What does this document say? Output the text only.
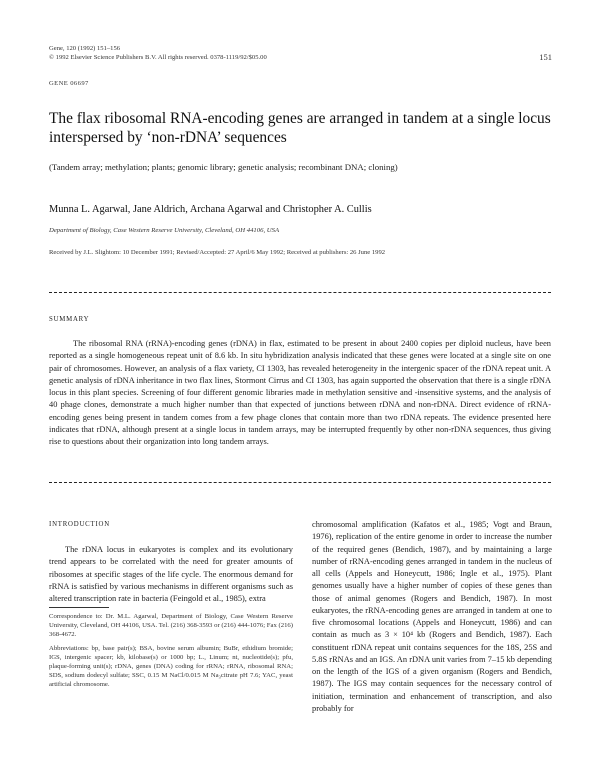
Gene, 120 (1992) 151–156
© 1992 Elsevier Science Publishers B.V. All rights reserved. 0378-1119/92/$05.00	151
GENE 06697
The flax ribosomal RNA-encoding genes are arranged in tandem at a single locus interspersed by ‘non-rDNA’ sequences
(Tandem array; methylation; plants; genomic library; genetic analysis; recombinant DNA; cloning)
Munna L. Agarwal, Jane Aldrich, Archana Agarwal and Christopher A. Cullis
Department of Biology, Case Western Reserve University, Cleveland, OH 44106, USA
Received by J.L. Slightom: 10 December 1991; Revised/Accepted: 27 April/6 May 1992; Received at publishers: 26 June 1992
SUMMARY

The ribosomal RNA (rRNA)-encoding genes (rDNA) in flax, estimated to be present in about 2400 copies per diploid nucleus, have been reported as a single homogeneous repeat unit of 8.6 kb. In situ hybridization analysis indicated that these genes were located at a single site on one pair of chromosomes. However, an analysis of a flax variety, CI 1303, has revealed heterogeneity in the intergenic spacer of the rDNA repeat unit. A genetic analysis of rDNA inheritance in two flax lines, Stormont Cirrus and CI 1303, has again supported the observation that there is a single rDNA locus in this plant species. Screening of four different genomic libraries made in methylation sensitive and -insensitive systems, and the analysis of 40 phage clones, demonstrate a much higher number than that expected of junctions between rDNA and non-rDNA. Direct evidence of rRNA-encoding genes being present in tandem comes from a few phage clones that contain more than two rDNA repeats. The evidence presented here indicates that rDNA, although present at a single locus in tandem arrays, may be interrupted frequently by other non-rDNA sequences, thus giving rise to questions about their organization into long tandem arrays.

INTRODUCTION

The rDNA locus in eukaryotes is complex and its evolutionary trend appears to be correlated with the need for greater amounts of ribosomes at specific stages of the life cycle. The enormous demand for rRNA is satisfied by various mechanisms in different organisms such as altered transcription rate in bacteria (Feingold et al., 1985), extra

Correspondence to: Dr. M.L. Agarwal, Department of Biology, Case Western Reserve University, Cleveland, OH 44106, USA. Tel. (216) 368-3593 or (216) 444-1076; Fax (216) 368-4672.

Abbreviations: bp, base pair(s); BSA, bovine serum albumin; BuBr, ethidium bromide; IGS, intergenic spacer; kb, kilobase(s) or 1000 bp; L., Linum; nt, nucleotide(s); pfu, plaque-forming unit(s); rDNA, genes (DNA) coding for rRNA; rRNA, ribosomal RNA; SDS, sodium dodecyl sulfate; SSC, 0.15 M NaCl/0.015 M Na₃citrate pH 7.6; YAC, yeast artificial chromosome.

chromosomal amplification (Kafatos et al., 1985; Vogt and Braun, 1976), replication of the entire genome in order to increase the number of the required genes (Bendich, 1987), and by maintaining a large number of rRNA-encoding genes arranged in tandem in the nucleus of all cells (Appels and Honeycutt, 1986; Ingle et al., 1975). Plant genomes usually have a higher number of copies of these genes than those of animal genomes (Rogers and Bendich, 1987). In most eukaryotes, the rRNA-encoding genes are arranged in tandem at one to five chromosomal locations (Appels and Honeycutt, 1986) and can contain as much as 3 × 10⁴ kb (Rogers and Bendich, 1987). Each constituent rDNA repeat unit contains sequences for the 18S, 25S and 5.8S rRNAs and an IGS. An rDNA unit varies from 7–15 kb depending on the length of the IGS of a given organism (Rogers and Bendich, 1987). The IGS may contain sequences for the necessary control of initiation, termination and enhancement of transcription, and also probably for
